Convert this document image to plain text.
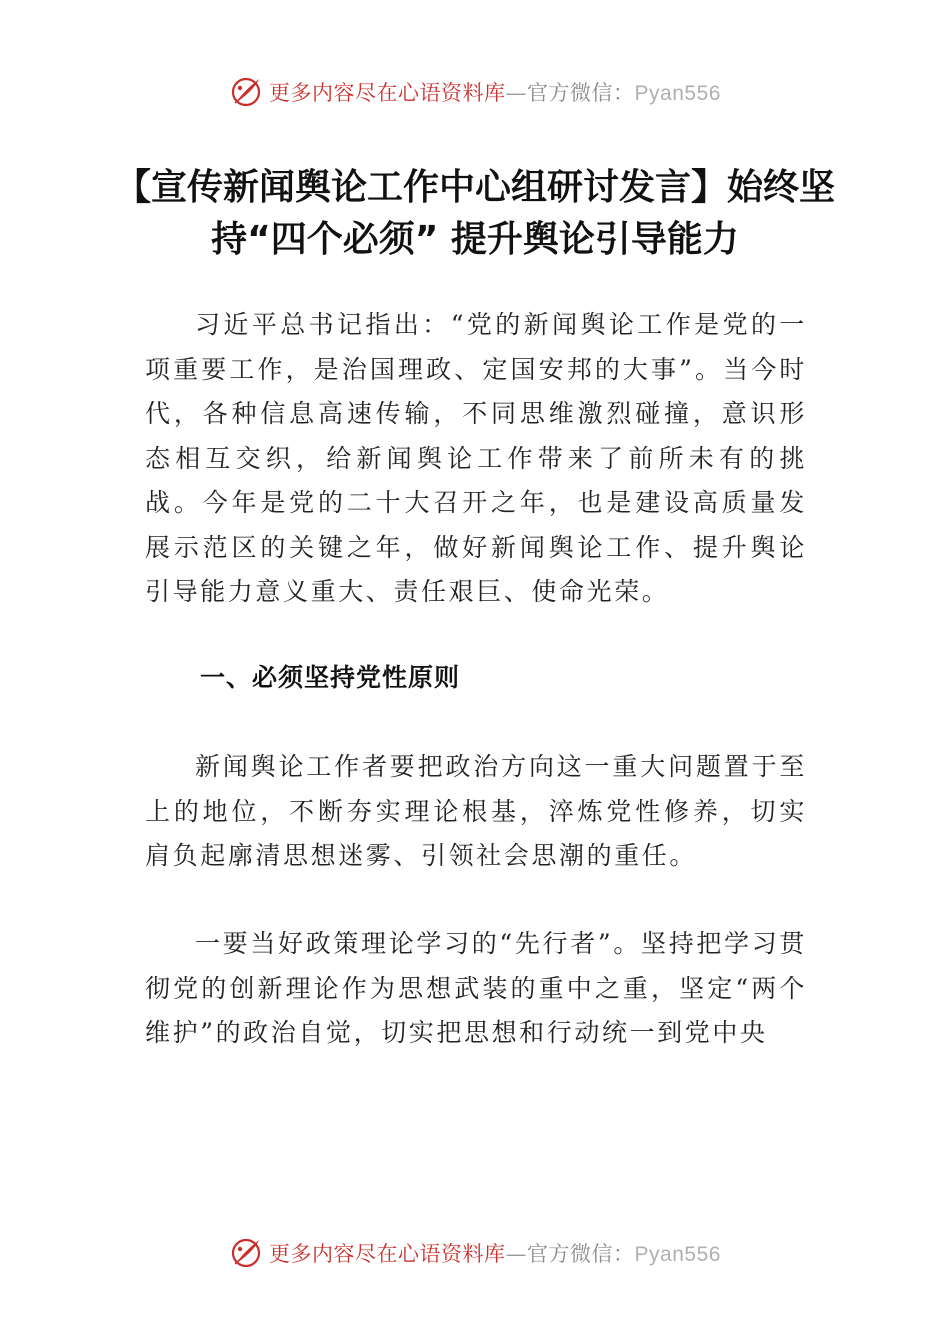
更多内容尽在心语资料库—官方微信：Pyan556
【宣传新闻舆论工作中心组研讨发言】始终坚持“四个必须” 提升舆论引导能力

习近平总书记指出：“党的新闻舆论工作是党的一项重要工作，是治国理政、定国安邦的大事”。当今时代，各种信息高速传输，不同思维激烈碰撞，意识形态相互交织，给新闻舆论工作带来了前所未有的挑战。今年是党的二十大召开之年，也是建设高质量发展示范区的关键之年，做好新闻舆论工作、提升舆论引导能力意义重大、责任艰巨、使命光荣。

一、必须坚持党性原则

新闻舆论工作者要把政治方向这一重大问题置于至上的地位，不断夯实理论根基，淬炼党性修养，切实肩负起廓清思想迷雾、引领社会思潮的重任。

一要当好政策理论学习的“先行者”。坚持把学习贯彻党的创新理论作为思想武装的重中之重，坚定“两个维护”的政治自觉，切实把思想和行动统一到党中央

更多内容尽在心语资料库—官方微信：Pyan556
